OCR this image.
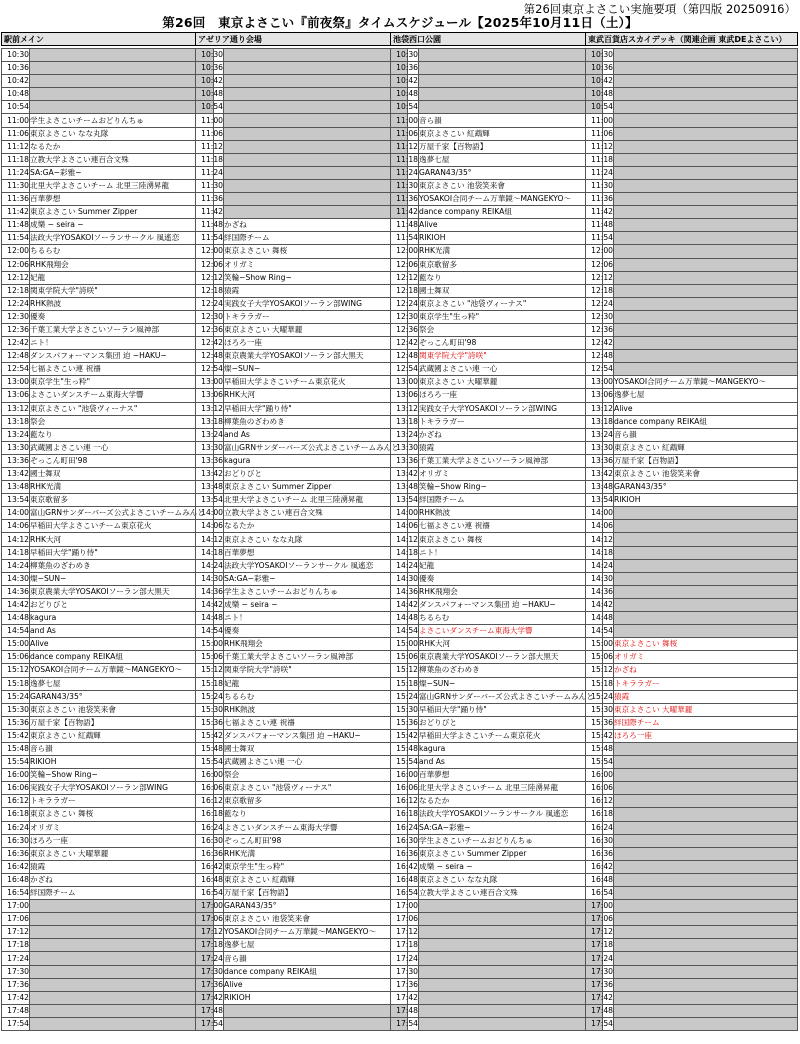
第26回東京よさこい実施要項（第四版 20250916）
第26回　東京よさこい『前夜祭』タイムスケジュール【2025年10月11日（土）】
駅前メイン
10:30	
10:36	
10:42	
10:48	
10:54	
11:00	学生よさこいチームおどりんちゅ
11:06	東京よさこい なな丸隊
11:12	なるたか
11:18	立教大学よさこい連百合文殊
11:24	SA:GA−彩雅−
11:30	北里大学よさこいチーム 北里三陸湧昇龍
11:36	百華夢想
11:42	東京よさこい Summer Zipper
11:48	成樂 − seira −
11:54	法政大学YOSAKOIソーランサークル 風遙恋
12:00	ちるらむ
12:06	RHK飛翔会
12:12	妃龍
12:18	関東学院大学"誇咲"
12:24	RHK熱波
12:30	優奏
12:36	千葉工業大学よさこいソーラン風神部
12:42	ニト！
12:48	ダンスパフォーマンス集団 迫 −HAKU−
12:54	七福よさこい連 祝禱
13:00	東京学生"生っ粋"
13:06	よさこいダンスチーム東海大学響
13:12	東京よさこい "池袋ヴィーナス"
13:18	祭会
13:24	藍なり
13:30	武蔵國よさこい連 一心
13:36	ぞっこん町田'98
13:42	國士舞双
13:48	RHK光満
13:54	東京歌留多
14:00	富山GRNサンダーバーズ公式よさこいチームみんと
14:06	早稲田大学よさこいチーム東京花火
14:12	RHK大河
14:18	早稲田大学"踊り侍"
14:24	柳葉魚のざわめき
14:30	燦−SUN−
14:36	東京農業大学YOSAKOIソーラン部大黒天
14:42	おどりびと
14:48	kagura
14:54	and As
15:00	Alive
15:06	dance company REIKA組
15:12	YOSAKOI合同チーム万華鏡〜MANGEKYO〜
15:18	逸夢七屋
15:24	GARAN43/35°
15:30	東京よさこい 池袋笑来會
15:36	万屋千家【百物語】
15:42	東京よさこい 紅鵡輝
15:48	音ら韻
15:54	RIKIOH
16:00	笑輪−Show Ring−
16:06	実践女子大学YOSAKOIソーラン部WING
16:12	トキララガー
16:18	東京よさこい 舞桜
16:24	オリガミ
16:30	ほろろ一座
16:36	東京よさこい 大曜華麗
16:42	猿霞
16:48	かざね
16:54	絆国際チーム
17:00	
17:06	
17:12	
17:18	
17:24	
17:30	
17:36	
17:42	
17:48	
17:54	
アゼリア通り会場
10:30	
10:36	
10:42	
10:48	
10:54	
11:00	
11:06	
11:12	
11:18	
11:24	
11:30	
11:36	
11:42	
11:48	かざね
11:54	絆国際チーム
12:00	東京よさこい 舞桜
12:06	オリガミ
12:12	笑輪−Show Ring−
12:18	猿霞
12:24	実践女子大学YOSAKOIソーラン部WING
12:30	トキララガー
12:36	東京よさこい 大曜華麗
12:42	ほろろ一座
12:48	東京農業大学YOSAKOIソーラン部大黒天
12:54	燦−SUN−
13:00	早稲田大学よさこいチーム東京花火
13:06	RHK大河
13:12	早稲田大学"踊り侍"
13:18	柳葉魚のざわめき
13:24	and As
13:30	富山GRNサンダーバーズ公式よさこいチームみんと
13:36	kagura
13:42	おどりびと
13:48	東京よさこい Summer Zipper
13:54	北里大学よさこいチーム 北里三陸湧昇龍
14:00	立教大学よさこい連百合文殊
14:06	なるたか
14:12	東京よさこい なな丸隊
14:18	百華夢想
14:24	法政大学YOSAKOIソーランサークル 風遙恋
14:30	SA:GA−彩雅−
14:36	学生よさこいチームおどりんちゅ
14:42	成樂 − seira −
14:48	ニト！
14:54	優奏
15:00	RHK飛翔会
15:06	千葉工業大学よさこいソーラン風神部
15:12	関東学院大学"誇咲"
15:18	妃龍
15:24	ちるらむ
15:30	RHK熱波
15:36	七福よさこい連 祝禱
15:42	ダンスパフォーマンス集団 迫 −HAKU−
15:48	國士舞双
15:54	武蔵國よさこい連 一心
16:00	祭会
16:06	東京よさこい "池袋ヴィーナス"
16:12	東京歌留多
16:18	藍なり
16:24	よさこいダンスチーム東海大学響
16:30	ぞっこん町田'98
16:36	RHK光満
16:42	東京学生"生っ粋"
16:48	東京よさこい 紅鵡輝
16:54	万屋千家【百物語】
17:00	GARAN43/35°
17:06	東京よさこい 池袋笑来會
17:12	YOSAKOI合同チーム万華鏡〜MANGEKYO〜
17:18	逸夢七屋
17:24	音ら韻
17:30	dance company REIKA組
17:36	Alive
17:42	RIKIOH
17:48	
17:54	
池袋西口公園
10:30	
10:36	
10:42	
10:48	
10:54	
11:00	音ら韻
11:06	東京よさこい 紅鵡輝
11:12	万屋千家【百物語】
11:18	逸夢七屋
11:24	GARAN43/35°
11:30	東京よさこい 池袋笑来會
11:36	YOSAKOI合同チーム万華鏡〜MANGEKYO〜
11:42	dance company REIKA組
11:48	Alive
11:54	RIKIOH
12:00	RHK光満
12:06	東京歌留多
12:12	藍なり
12:18	國士舞双
12:24	東京よさこい "池袋ヴィーナス"
12:30	東京学生"生っ粋"
12:36	祭会
12:42	ぞっこん町田'98
12:48	関東学院大学"誇咲"
12:54	武蔵國よさこい連 一心
13:00	東京よさこい 大曜華麗
13:06	ほろろ一座
13:12	実践女子大学YOSAKOIソーラン部WING
13:18	トキララガー
13:24	かざね
13:30	猿霞
13:36	千葉工業大学よさこいソーラン風神部
13:42	オリガミ
13:48	笑輪−Show Ring−
13:54	絆国際チーム
14:00	RHK熱波
14:06	七福よさこい連 祝禱
14:12	東京よさこい 舞桜
14:18	ニト！
14:24	妃龍
14:30	優奏
14:36	RHK飛翔会
14:42	ダンスパフォーマンス集団 迫 −HAKU−
14:48	ちるらむ
14:54	よさこいダンスチーム東海大学響
15:00	RHK大河
15:06	東京農業大学YOSAKOIソーラン部大黒天
15:12	柳葉魚のざわめき
15:18	燦−SUN−
15:24	富山GRNサンダーバーズ公式よさこいチームみんと
15:30	早稲田大学"踊り侍"
15:36	おどりびと
15:42	早稲田大学よさこいチーム東京花火
15:48	kagura
15:54	and As
16:00	百華夢想
16:06	北里大学よさこいチーム 北里三陸湧昇龍
16:12	なるたか
16:18	法政大学YOSAKOIソーランサークル 風遙恋
16:24	SA:GA−彩雅−
16:30	学生よさこいチームおどりんちゅ
16:36	東京よさこい Summer Zipper
16:42	成樂 − seira −
16:48	東京よさこい なな丸隊
16:54	立教大学よさこい連百合文殊
17:00	
17:06	
17:12	
17:18	
17:24	
17:30	
17:36	
17:42	
17:48	
17:54	
東武百貨店スカイデッキ（関連企画 東武DEよさこい）
10:30	
10:36	
10:42	
10:48	
10:54	
11:00	
11:06	
11:12	
11:18	
11:24	
11:30	
11:36	
11:42	
11:48	
11:54	
12:00	
12:06	
12:12	
12:18	
12:24	
12:30	
12:36	
12:42	
12:48	
12:54	
13:00	YOSAKOI合同チーム万華鏡〜MANGEKYO〜
13:06	逸夢七屋
13:12	Alive
13:18	dance company REIKA組
13:24	音ら韻
13:30	東京よさこい 紅鵡輝
13:36	万屋千家【百物語】
13:42	東京よさこい 池袋笑来會
13:48	GARAN43/35°
13:54	RIKIOH
14:00	
14:06	
14:12	
14:18	
14:24	
14:30	
14:36	
14:42	
14:48	
14:54	
15:00	東京よさこい 舞桜
15:06	オリガミ
15:12	かざね
15:18	トキララガー
15:24	猿霞
15:30	東京よさこい 大曜華麗
15:36	絆国際チーム
15:42	ほろろ一座
15:48	
15:54	
16:00	
16:06	
16:12	
16:18	
16:24	
16:30	
16:36	
16:42	
16:48	
16:54	
17:00	
17:06	
17:12	
17:18	
17:24	
17:30	
17:36	
17:42	
17:48	
17:54	
